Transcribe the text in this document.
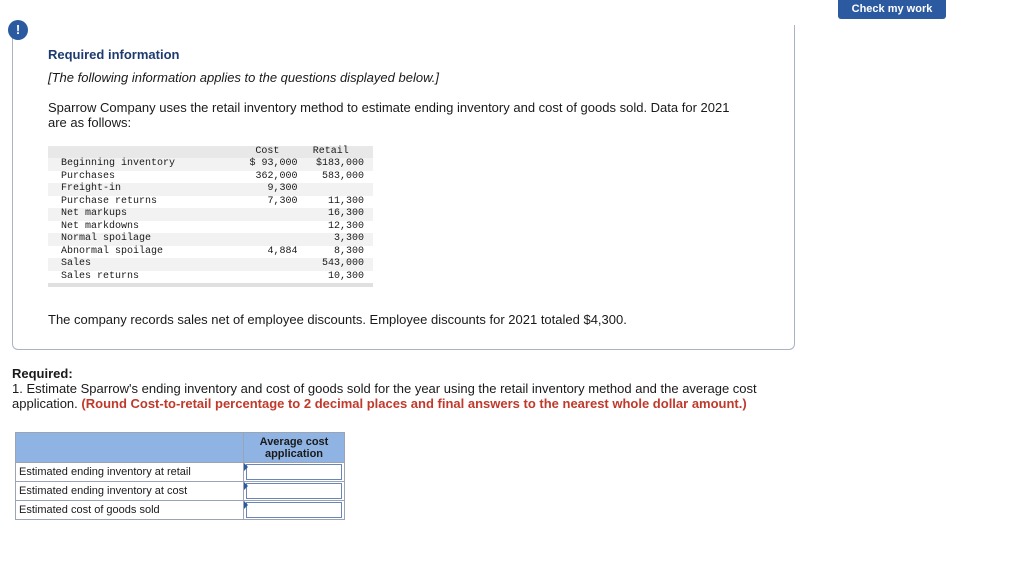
Check my work
!
Required information
[The following information applies to the questions displayed below.]
Sparrow Company uses the retail inventory method to estimate ending inventory and cost of goods sold. Data for 2021 are as follows:
	Cost	Retail
Beginning inventory	$ 93,000	$183,000
Purchases	362,000	583,000
Freight-in	9,300	
Purchase returns	7,300	11,300
Net markups		16,300
Net markdowns		12,300
Normal spoilage		3,300
Abnormal spoilage	4,884	8,300
Sales		543,000
Sales returns		10,300

The company records sales net of employee discounts. Employee discounts for 2021 totaled $4,300.
Required:
1. Estimate Sparrow's ending inventory and cost of goods sold for the year using the retail inventory method and the average cost application. (Round Cost-to-retail percentage to 2 decimal places and final answers to the nearest whole dollar amount.)
	Average cost application
Estimated ending inventory at retail	

Estimated ending inventory at cost	

Estimated cost of goods sold	
